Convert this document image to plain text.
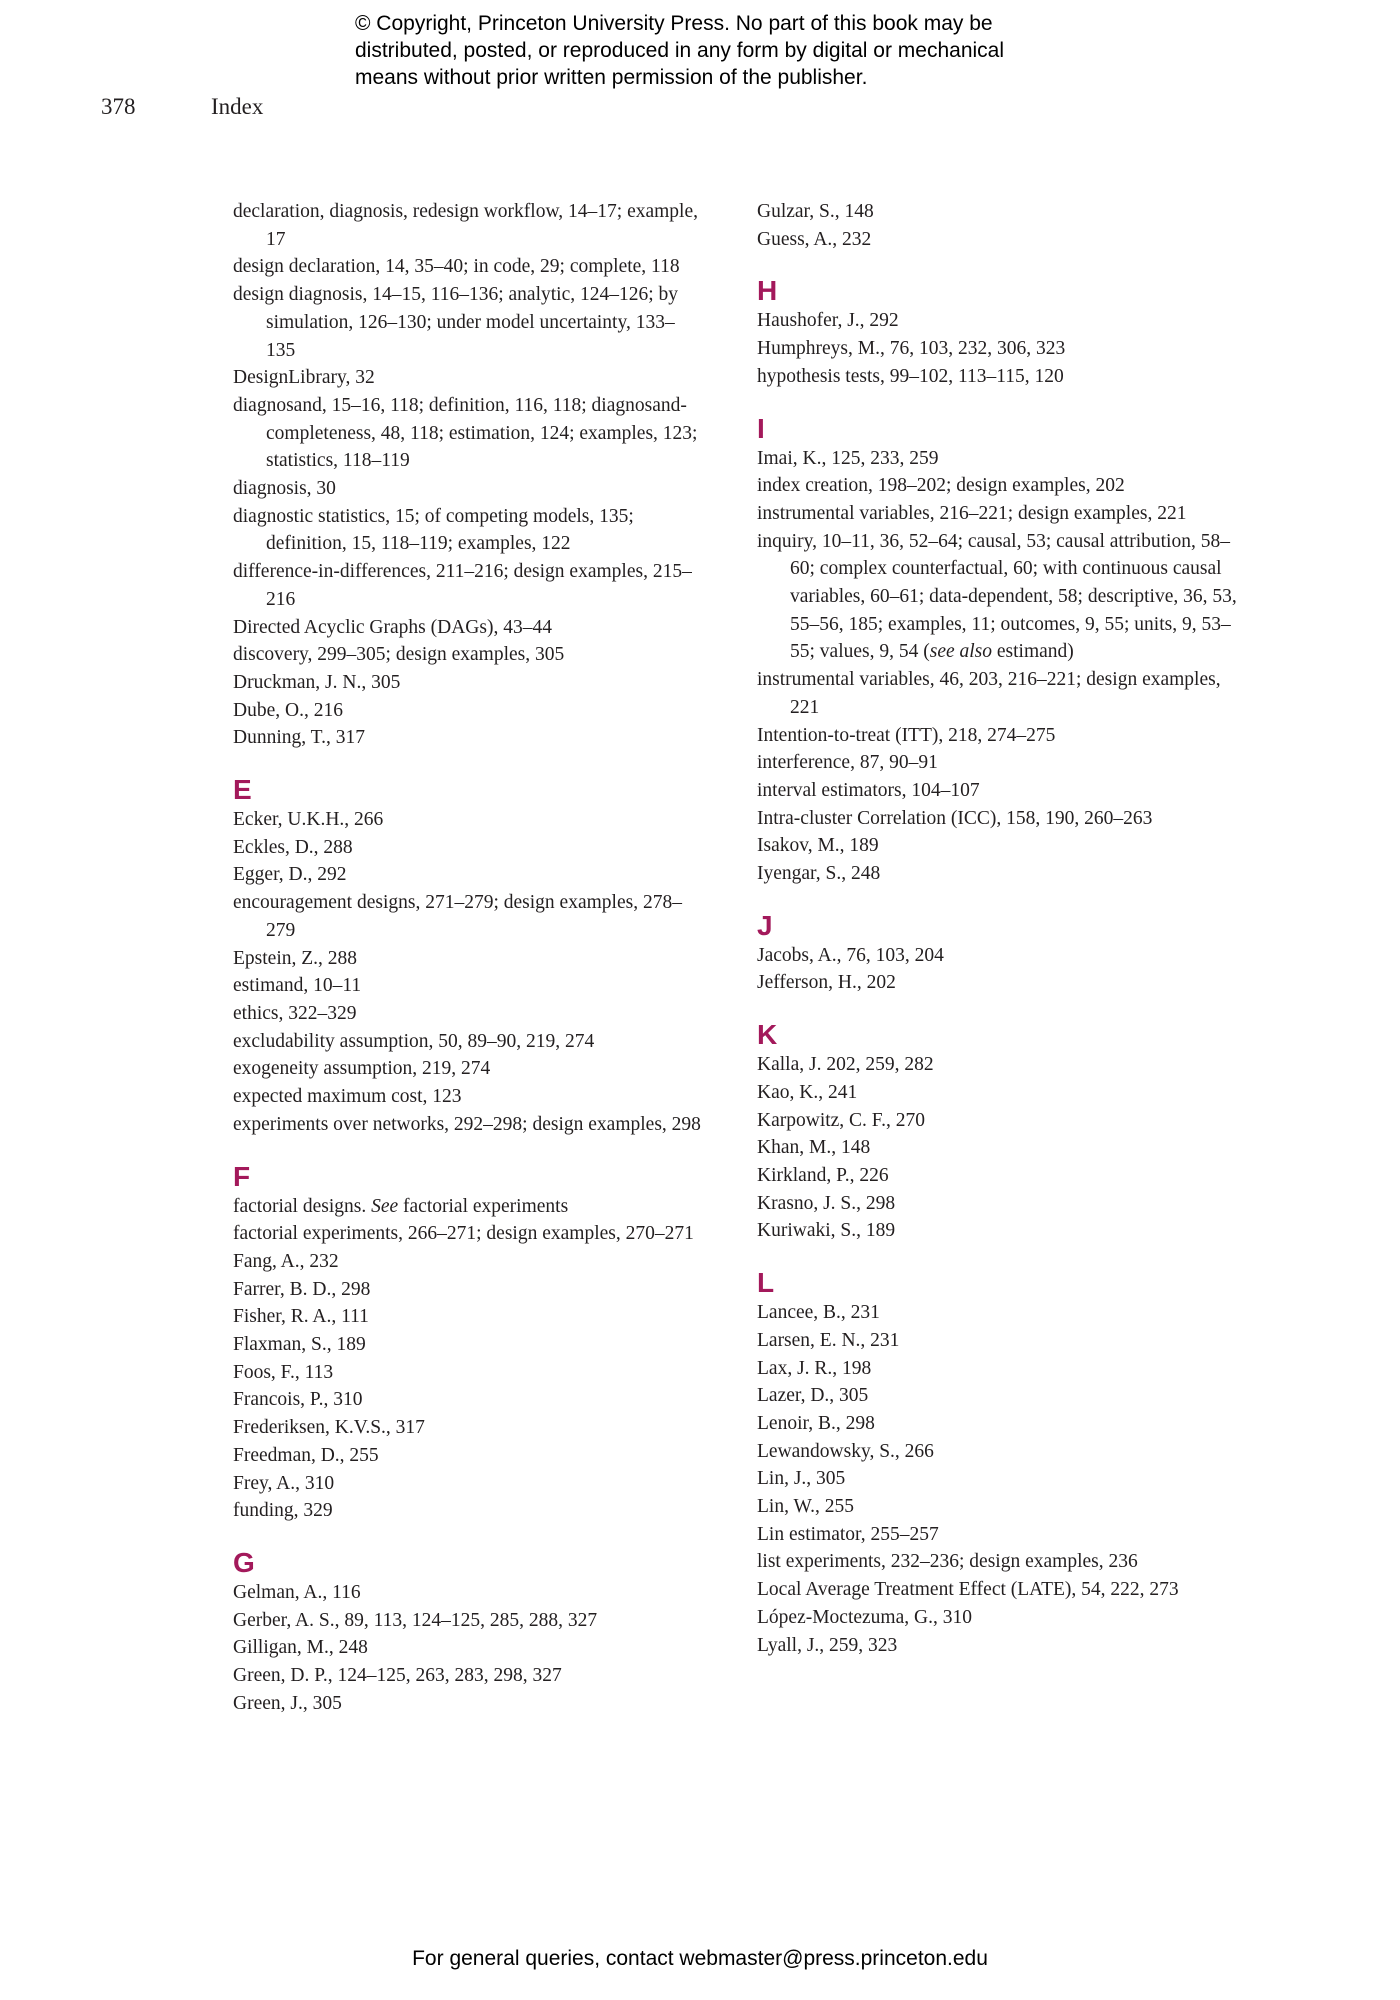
© Copyright, Princeton University Press. No part of this book may be
distributed, posted, or reproduced in any form by digital or mechanical
means without prior written permission of the publisher.
378	Index
declaration, diagnosis, redesign workflow, 14–17; example, 17
design declaration, 14, 35–40; in code, 29; complete, 118
design diagnosis, 14–15, 116–136; analytic, 124–126; by simulation, 126–130; under model uncertainty, 133–135
DesignLibrary, 32
diagnosand, 15–16, 118; definition, 116, 118; diagnosand-completeness, 48, 118; estimation, 124; examples, 123; statistics, 118–119
diagnosis, 30
diagnostic statistics, 15; of competing models, 135; definition, 15, 118–119; examples, 122
difference-in-differences, 211–216; design examples, 215–216
Directed Acyclic Graphs (DAGs), 43–44
discovery, 299–305; design examples, 305
Druckman, J. N., 305
Dube, O., 216
Dunning, T., 317
E
Ecker, U.K.H., 266
Eckles, D., 288
Egger, D., 292
encouragement designs, 271–279; design examples, 278–279
Epstein, Z., 288
estimand, 10–11
ethics, 322–329
excludability assumption, 50, 89–90, 219, 274
exogeneity assumption, 219, 274
expected maximum cost, 123
experiments over networks, 292–298; design examples, 298
F
factorial designs. See factorial experiments
factorial experiments, 266–271; design examples, 270–271
Fang, A., 232
Farrer, B. D., 298
Fisher, R. A., 111
Flaxman, S., 189
Foos, F., 113
Francois, P., 310
Frederiksen, K.V.S., 317
Freedman, D., 255
Frey, A., 310
funding, 329
G
Gelman, A., 116
Gerber, A. S., 89, 113, 124–125, 285, 288, 327
Gilligan, M., 248
Green, D. P., 124–125, 263, 283, 298, 327
Green, J., 305
Gulzar, S., 148
Guess, A., 232
H
Haushofer, J., 292
Humphreys, M., 76, 103, 232, 306, 323
hypothesis tests, 99–102, 113–115, 120
I
Imai, K., 125, 233, 259
index creation, 198–202; design examples, 202
instrumental variables, 216–221; design examples, 221
inquiry, 10–11, 36, 52–64; causal, 53; causal attribution, 58–60; complex counterfactual, 60; with continuous causal variables, 60–61; data-dependent, 58; descriptive, 36, 53, 55–56, 185; examples, 11; outcomes, 9, 55; units, 9, 53–55; values, 9, 54 (see also estimand)
instrumental variables, 46, 203, 216–221; design examples, 221
Intention-to-treat (ITT), 218, 274–275
interference, 87, 90–91
interval estimators, 104–107
Intra-cluster Correlation (ICC), 158, 190, 260–263
Isakov, M., 189
Iyengar, S., 248
J
Jacobs, A., 76, 103, 204
Jefferson, H., 202
K
Kalla, J. 202, 259, 282
Kao, K., 241
Karpowitz, C. F., 270
Khan, M., 148
Kirkland, P., 226
Krasno, J. S., 298
Kuriwaki, S., 189
L
Lancee, B., 231
Larsen, E. N., 231
Lax, J. R., 198
Lazer, D., 305
Lenoir, B., 298
Lewandowsky, S., 266
Lin, J., 305
Lin, W., 255
Lin estimator, 255–257
list experiments, 232–236; design examples, 236
Local Average Treatment Effect (LATE), 54, 222, 273
López-Moctezuma, G., 310
Lyall, J., 259, 323
For general queries, contact webmaster@press.princeton.edu
